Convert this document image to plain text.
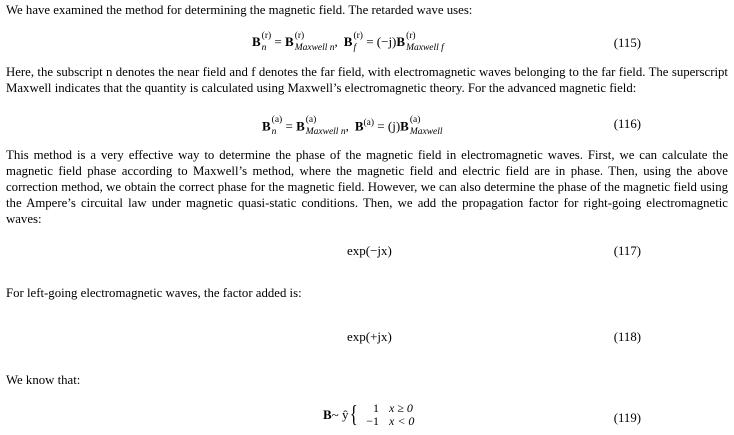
We have examined the method for determining the magnetic field. The retarded wave uses:

B (r)
n = B (r)
Maxwell n , B (r)
f = (−j)B (r)
Maxwell f	(115)

Here, the subscript n denotes the near field and f denotes the far field, with electromagnetic waves belonging to the far field. The superscript Maxwell indicates that the quantity is calculated using Maxwell’s electromagnetic theory. For the advanced magnetic field:

B (a)
n = B (a)
Maxwell n , $B^{(a)} = (j)B$ (a)
Maxwell
(116)

This method is a very effective way to determine the phase of the magnetic field in electromagnetic waves. First, we can calculate the magnetic field phase according to Maxwell’s method, where the magnetic field and electric field are in phase. Then, using the above correction method, we obtain the correct phase for the magnetic field. However, we can also determine the phase of the magnetic field using the Ampere’s circuital law under magnetic quasi-static conditions. Then, we add the propagation factor for right-going electromagnetic waves:

exp(−jx)	(117)

For left-going electromagnetic waves, the factor added is:

exp(+jx)	(118)

We know that:

B~ ŷ{ 1 x ≥ 0
−1 x < 0	(119)
